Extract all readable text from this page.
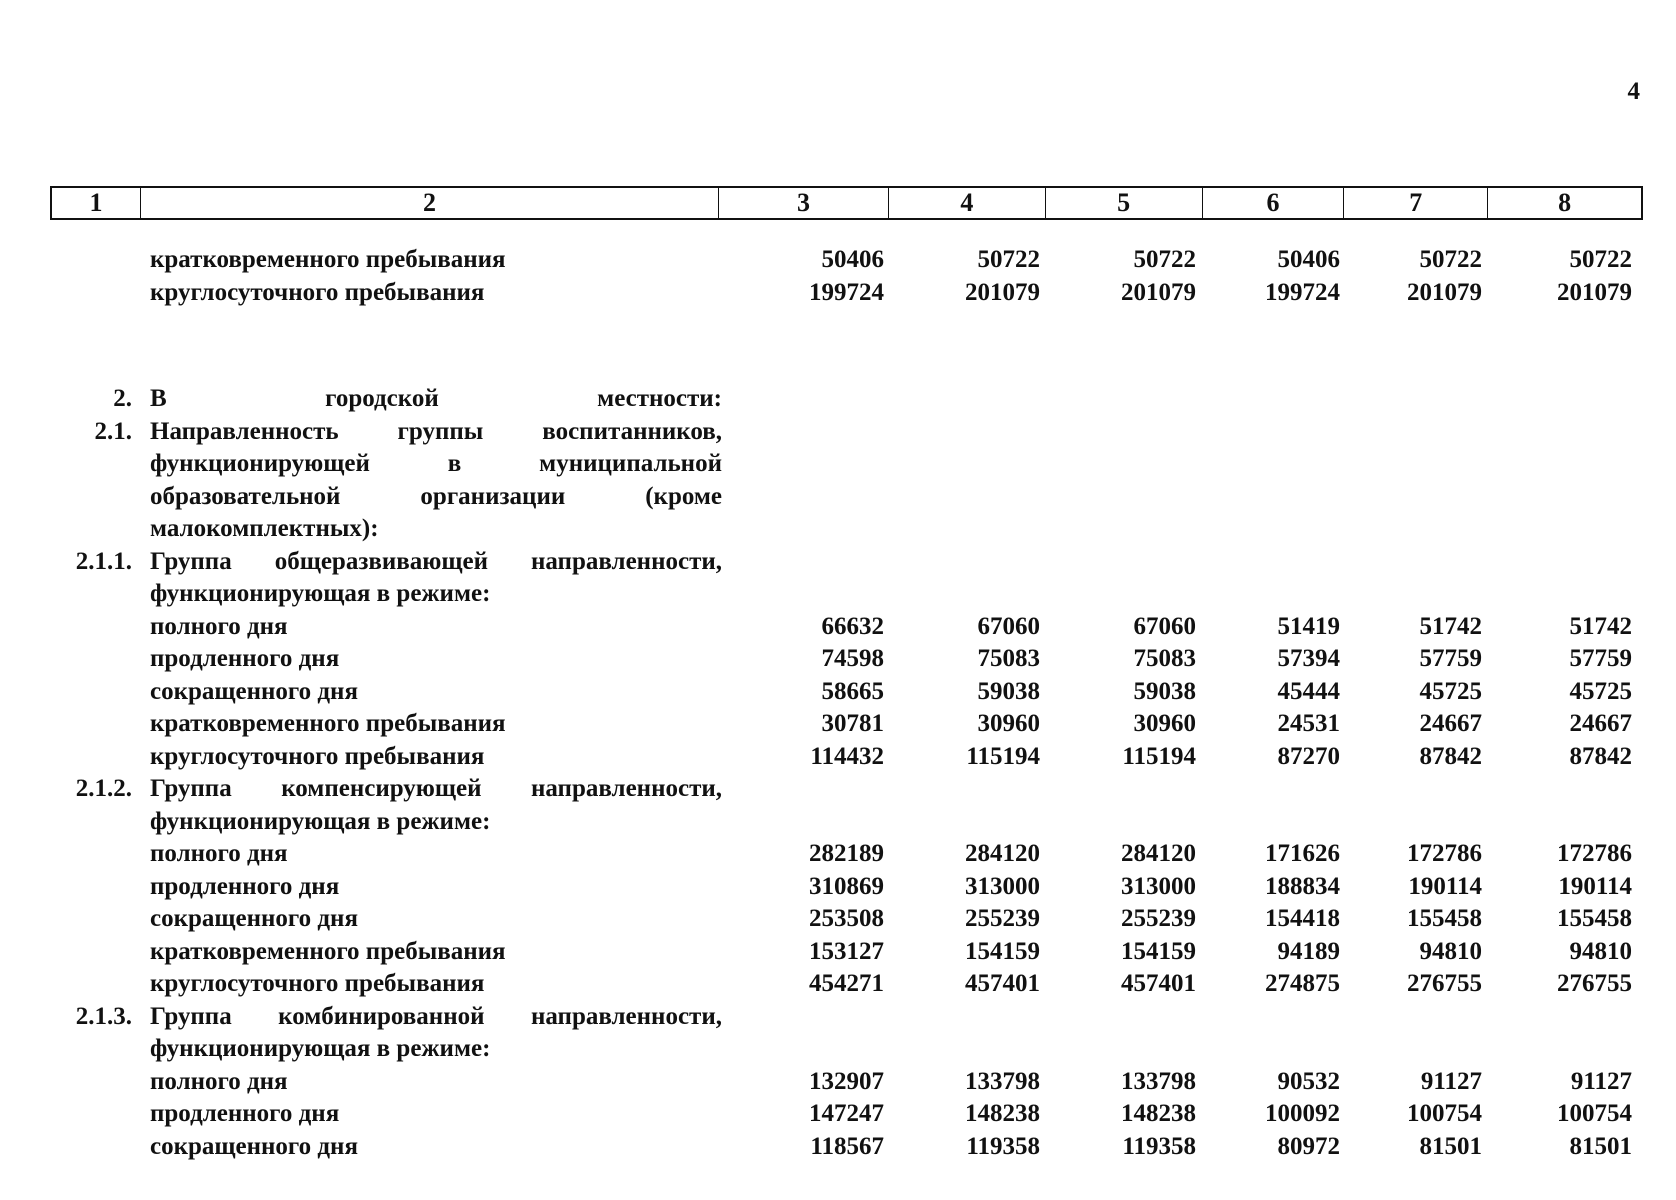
4
1	2	3	4	5	6	7	8
кратковременного пребывания	50406	50722	50722	50406	50722	50722
круглосуточного пребывания	199724	201079	201079	199724	201079	201079
2. В городской местности:
2.1. Направленность группы воспитанников,
функционирующей в муниципальной
образовательной организации (кроме
малокомплектных):
2.1.1. Группа общеразвивающей направленности,
функционирующая в режиме:
полного дня	66632	67060	67060	51419	51742	51742
продленного дня	74598	75083	75083	57394	57759	57759
сокращенного дня	58665	59038	59038	45444	45725	45725
кратковременного пребывания	30781	30960	30960	24531	24667	24667
круглосуточного пребывания	114432	115194	115194	87270	87842	87842
2.1.2. Группа компенсирующей направленности,
функционирующая в режиме:
полного дня	282189	284120	284120	171626	172786	172786
продленного дня	310869	313000	313000	188834	190114	190114
сокращенного дня	253508	255239	255239	154418	155458	155458
кратковременного пребывания	153127	154159	154159	94189	94810	94810
круглосуточного пребывания	454271	457401	457401	274875	276755	276755
2.1.3. Группа комбинированной направленности,
функционирующая в режиме:
полного дня	132907	133798	133798	90532	91127	91127
продленного дня	147247	148238	148238	100092	100754	100754
сокращенного дня	118567	119358	119358	80972	81501	81501
